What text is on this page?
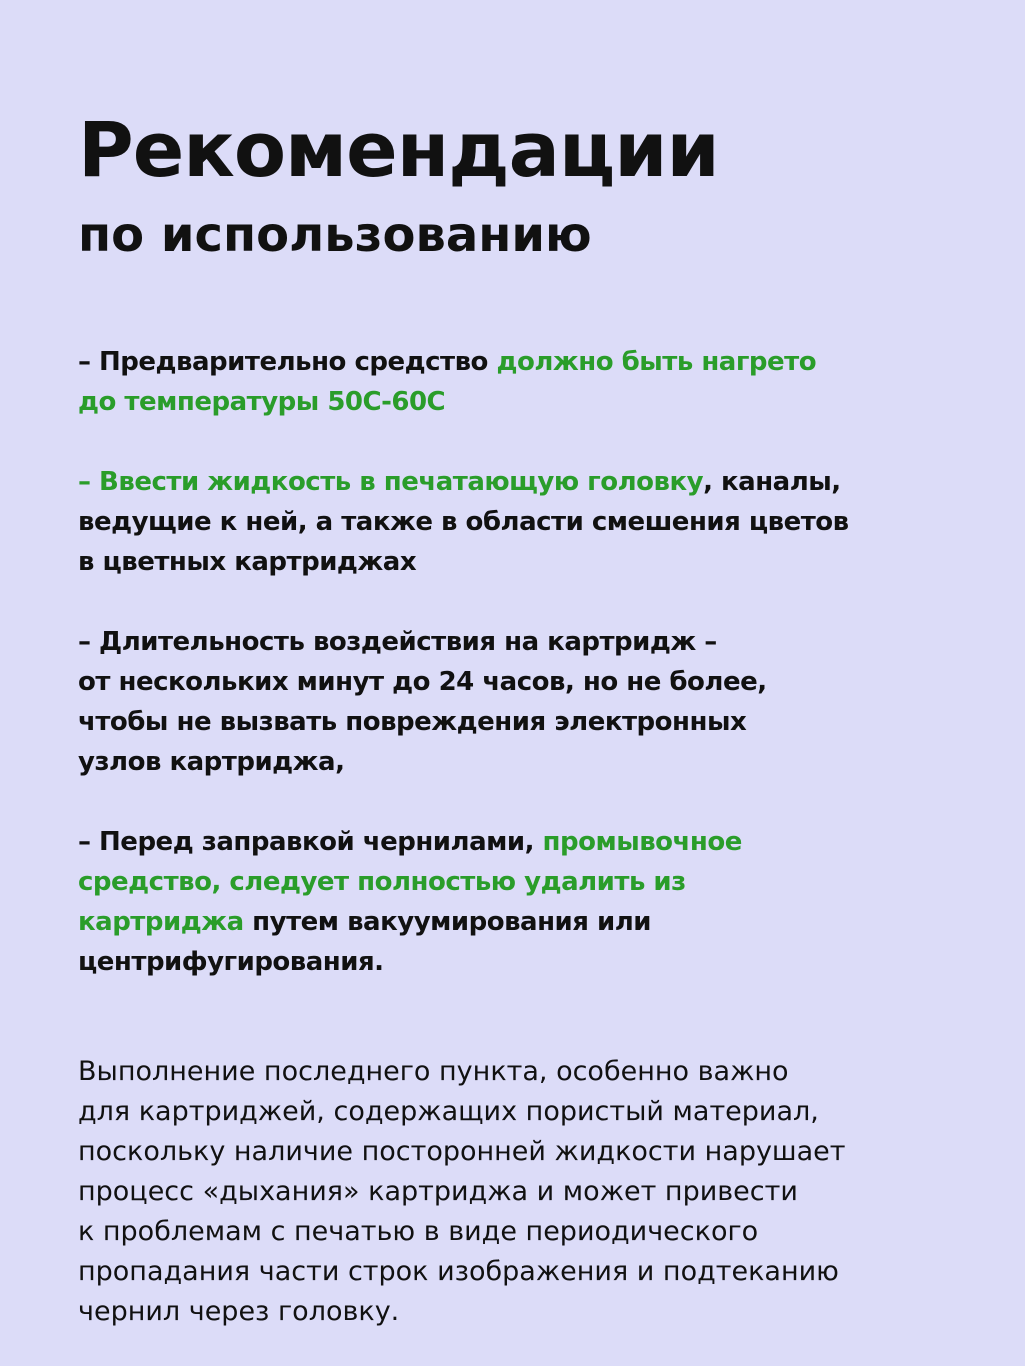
Рекомендации
по использованию
– Предварительно средство должно быть нагрето
до температуры 50С-60С
– Ввести жидкость в печатающую головку, каналы,
ведущие к ней, а также в области смешения цветов
в цветных картриджах
– Длительность воздействия на картридж –
от нескольких минут до 24 часов, но не более,
чтобы не вызвать повреждения электронных
узлов картриджа,
– Перед заправкой чернилами, промывочное
средство, следует полностью удалить из
картриджа путем вакуумирования или
центрифугирования.
Выполнение последнего пункта, особенно важно
для картриджей, содержащих пористый материал,
поскольку наличие посторонней жидкости нарушает
процесс «дыхания» картриджа и может привести
к проблемам с печатью в виде периодического
пропадания части строк изображения и подтеканию
чернил через головку.
